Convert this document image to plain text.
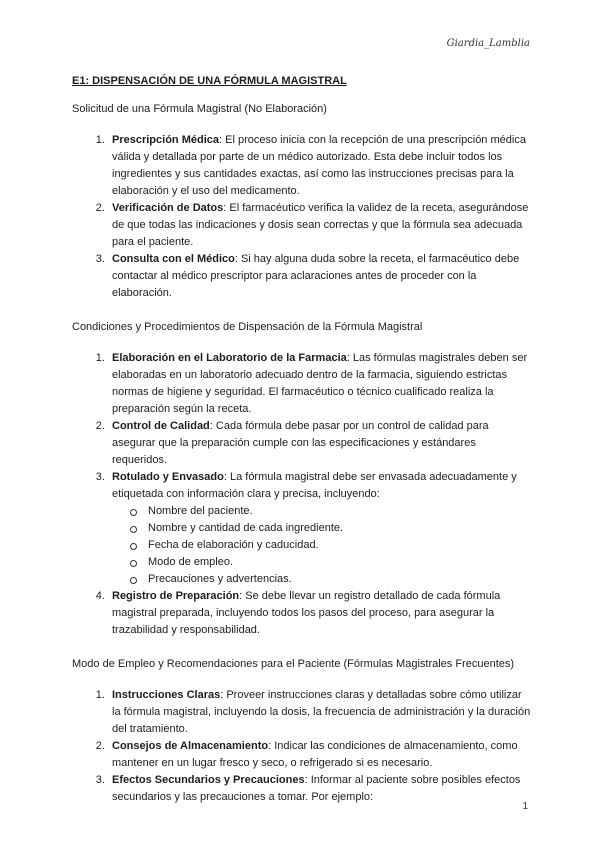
Giardia_Lamblia
E1: DISPENSACIÓN DE UNA FÓRMULA MAGISTRAL
Solicitud de una Fórmula Magistral (No Elaboración)
1. Prescripción Médica: El proceso inicia con la recepción de una prescripción médica válida y detallada por parte de un médico autorizado. Esta debe incluir todos los ingredientes y sus cantidades exactas, así como las instrucciones precisas para la elaboración y el uso del medicamento.
2. Verificación de Datos: El farmacéutico verifica la validez de la receta, asegurándose de que todas las indicaciones y dosis sean correctas y que la fórmula sea adecuada para el paciente.
3. Consulta con el Médico: Si hay alguna duda sobre la receta, el farmacéutico debe contactar al médico prescriptor para aclaraciones antes de proceder con la elaboración.
Condiciones y Procedimientos de Dispensación de la Fórmula Magistral
1. Elaboración en el Laboratorio de la Farmacia: Las fórmulas magistrales deben ser elaboradas en un laboratorio adecuado dentro de la farmacia, siguiendo estrictas normas de higiene y seguridad. El farmacéutico o técnico cualificado realiza la preparación según la receta.
2. Control de Calidad: Cada fórmula debe pasar por un control de calidad para asegurar que la preparación cumple con las especificaciones y estándares requeridos.
3. Rotulado y Envasado: La fórmula magistral debe ser envasada adecuadamente y etiquetada con información clara y precisa, incluyendo:
Nombre del paciente.
Nombre y cantidad de cada ingrediente.
Fecha de elaboración y caducidad.
Modo de empleo.
Precauciones y advertencias.
4. Registro de Preparación: Se debe llevar un registro detallado de cada fórmula magistral preparada, incluyendo todos los pasos del proceso, para asegurar la trazabilidad y responsabilidad.
Modo de Empleo y Recomendaciones para el Paciente (Fórmulas Magistrales Frecuentes)
1. Instrucciones Claras: Proveer instrucciones claras y detalladas sobre cómo utilizar la fórmula magistral, incluyendo la dosis, la frecuencia de administración y la duración del tratamiento.
2. Consejos de Almacenamiento: Indicar las condiciones de almacenamiento, como mantener en un lugar fresco y seco, o refrigerado si es necesario.
3. Efectos Secundarios y Precauciones: Informar al paciente sobre posibles efectos secundarios y las precauciones a tomar. Por ejemplo:
1
